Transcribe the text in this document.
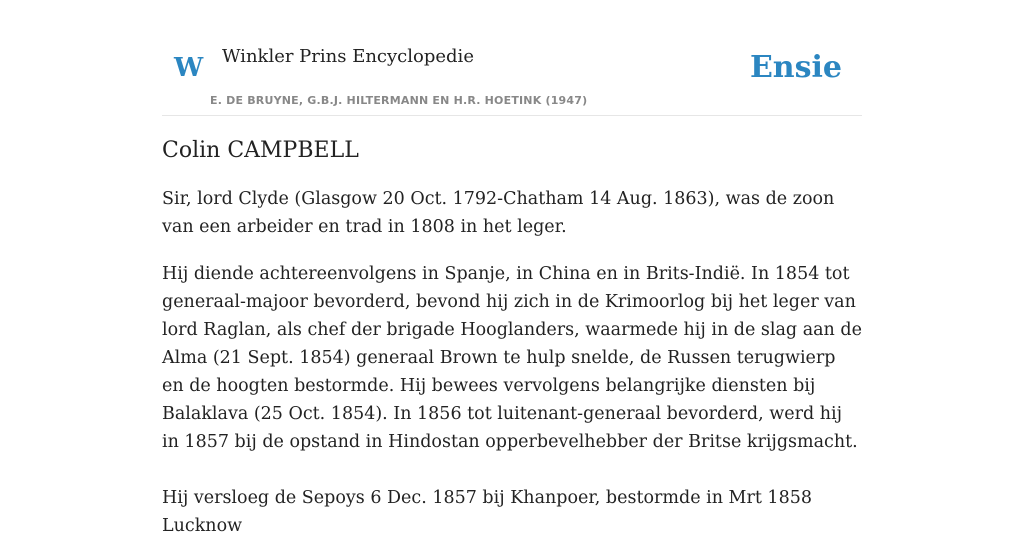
W Winkler Prins Encyclopedie
E. DE BRUYNE, G.B.J. HILTERMANN EN H.R. HOETINK (1947)
Ensie
Colin CAMPBELL

Sir, lord Clyde (Glasgow 20 Oct. 1792-Chatham 14 Aug. 1863), was de zoon van een arbeider en trad in 1808 in het leger.

Hij diende achtereenvolgens in Spanje, in China en in Brits-Indië. In 1854 tot generaal-majoor bevorderd, bevond hij zich in de Krimoorlog bij het leger van lord Raglan, als chef der brigade Hooglanders, waarmede hij in de slag aan de Alma (21 Sept. 1854) generaal Brown te hulp snelde, de Russen terugwierp en de hoogten bestormde. Hij bewees vervolgens belangrijke diensten bij Balaklava (25 Oct. 1854). In 1856 tot luitenant-generaal bevorderd, werd hij in 1857 bij de opstand in Hindostan opperbevelhebber der Britse krijgsmacht.

Hij versloeg de Sepoys 6 Dec. 1857 bij Khanpoer, bestormde in Mrt 1858 Lucknow
